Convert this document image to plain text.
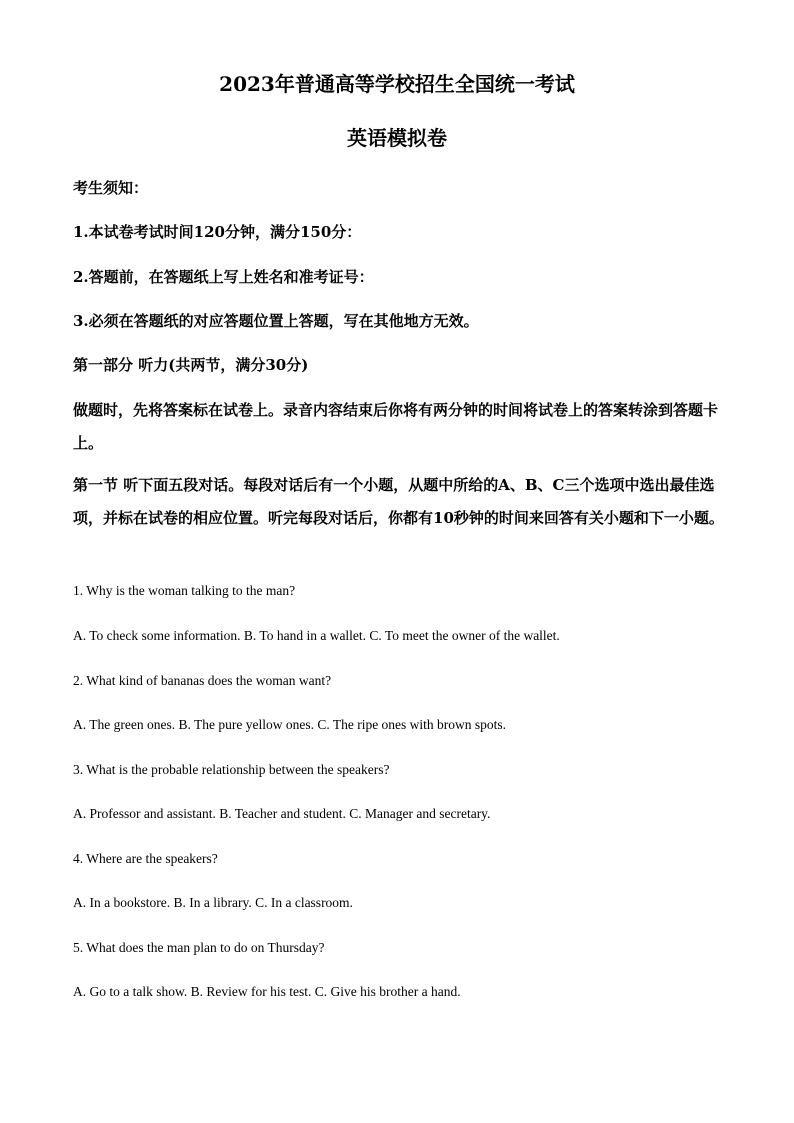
2023年普通高等学校招生全国统一考试
英语模拟卷
考生须知：
1.本试卷考试时间120分钟，满分150分：
2.答题前，在答题纸上写上姓名和准考证号：
3.必须在答题纸的对应答题位置上答题，写在其他地方无效。
第一部分 听力(共两节，满分30分)
做题时，先将答案标在试卷上。录音内容结束后你将有两分钟的时间将试卷上的答案转涂到答题卡上。
第一节 听下面五段对话。每段对话后有一个小题，从题中所给的A、B、C三个选项中选出最佳选项，并标在试卷的相应位置。听完每段对话后，你都有10秒钟的时间来回答有关小题和下一小题。
1. Why is the woman talking to the man?
A. To check some information. B. To hand in a wallet. C. To meet the owner of the wallet.
2. What kind of bananas does the woman want?
A. The green ones. B. The pure yellow ones. C. The ripe ones with brown spots.
3. What is the probable relationship between the speakers?
A. Professor and assistant. B. Teacher and student. C. Manager and secretary.
4. Where are the speakers?
A. In a bookstore. B. In a library. C. In a classroom.
5. What does the man plan to do on Thursday?
A. Go to a talk show. B. Review for his test. C. Give his brother a hand.
